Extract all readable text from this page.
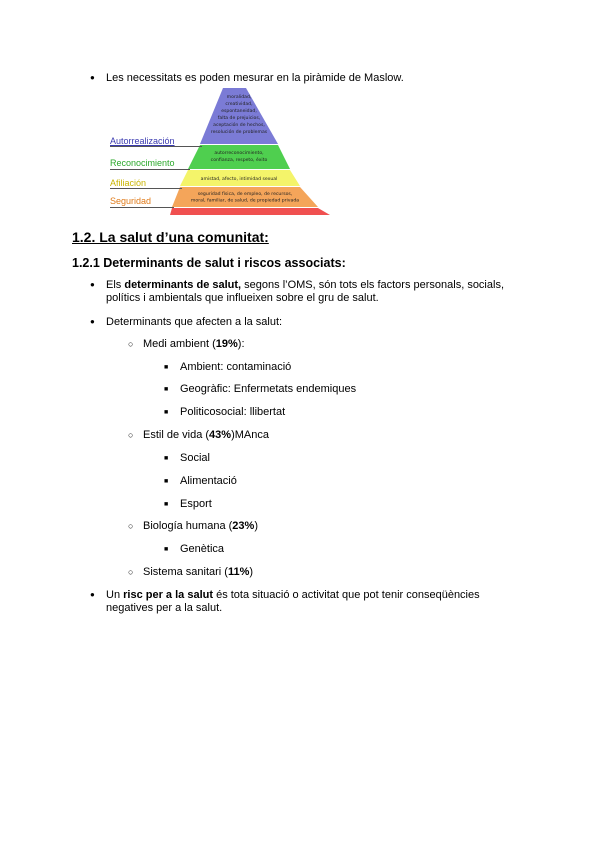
●
Les necessitats es poden mesurar en la piràmide de Maslow.
moralidad,
creatividad,
espontaneidad,
falta de prejuicios,
aceptación de hechos,
resolución de problemas
autorreconocimiento,
confianza, respeto, éxito
amistad, afecto, intimidad sexual
seguridad física, de empleo, de recursos,
moral, familiar, de salud, de propiedad privada
Autorrealización
Reconocimiento
Afiliación
Seguridad
1.2. La salut d’una comunitat:
1.2.1 Determinants de salut i riscos associats:
●
Els determinants de salut, segons l’OMS, són tots els factors personals, socials,
polítics i ambientals que influeixen sobre el gru de salut.
●
Determinants que afecten a la salut:
○
Medi ambient (19%):
■
Ambient: contaminació
■
Geogràfic: Enfermetats endemiques
■
Politicosocial: llibertat
○
Estil de vida (43%)MAnca
■
Social
■
Alimentació
■
Esport
○
Biología humana (23%)
■
Genètica
○
Sistema sanitari (11%)
●
Un risc per a la salut és tota situació o activitat que pot tenir conseqüències
negatives per a la salut.
